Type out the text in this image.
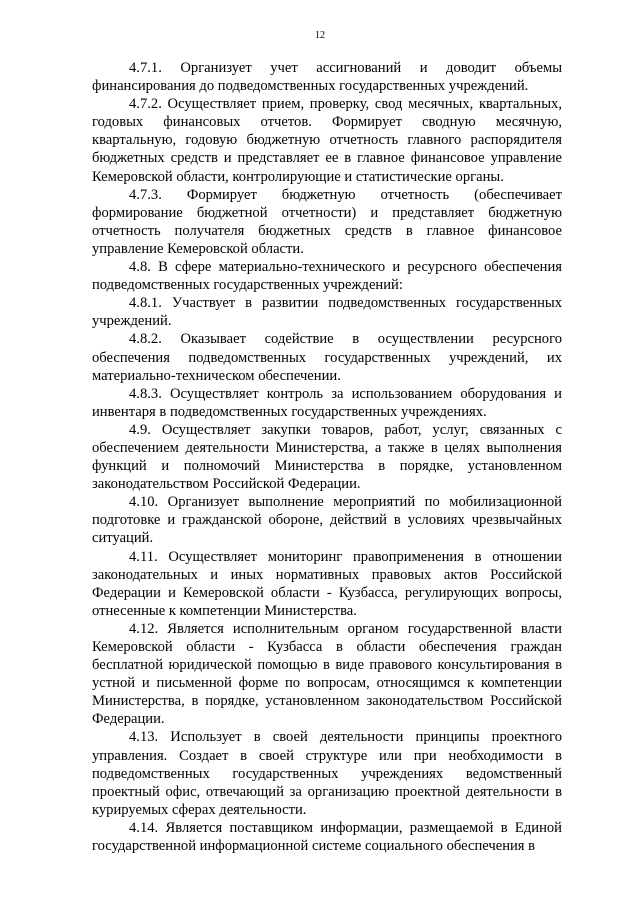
12

4.7.1. Организует учет ассигнований и доводит объемы финансирования до подведомственных государственных учреждений.

4.7.2. Осуществляет прием, проверку, свод месячных, квартальных, годовых финансовых отчетов. Формирует сводную месячную, квартальную, годовую бюджетную отчетность главного распорядителя бюджетных средств и представляет ее в главное финансовое управление Кемеровской области, контролирующие и статистические органы.

4.7.3. Формирует бюджетную отчетность (обеспечивает формирование бюджетной отчетности) и представляет бюджетную отчетность получателя бюджетных средств в главное финансовое управление Кемеровской области.

4.8. В сфере материально-технического и ресурсного обеспечения подведомственных государственных учреждений:

4.8.1. Участвует в развитии подведомственных государственных учреждений.

4.8.2. Оказывает содействие в осуществлении ресурсного обеспечения подведомственных государственных учреждений, их материально-техническом обеспечении.

4.8.3. Осуществляет контроль за использованием оборудования и инвентаря в подведомственных государственных учреждениях.

4.9. Осуществляет закупки товаров, работ, услуг, связанных с обеспечением деятельности Министерства, а также в целях выполнения функций и полномочий Министерства в порядке, установленном законодательством Российской Федерации.

4.10. Организует выполнение мероприятий по мобилизационной подготовке и гражданской обороне, действий в условиях чрезвычайных ситуаций.

4.11. Осуществляет мониторинг правоприменения в отношении законодательных и иных нормативных правовых актов Российской Федерации и Кемеровской области - Кузбасса, регулирующих вопросы, отнесенные к компетенции Министерства.

4.12. Является исполнительным органом государственной власти Кемеровской области - Кузбасса в области обеспечения граждан бесплатной юридической помощью в виде правового консультирования в устной и письменной форме по вопросам, относящимся к компетенции Министерства, в порядке, установленном законодательством Российской Федерации.

4.13. Использует в своей деятельности принципы проектного управления. Создает в своей структуре или при необходимости в подведомственных государственных учреждениях ведомственный проектный офис, отвечающий за организацию проектной деятельности в курируемых сферах деятельности.

4.14. Является поставщиком информации, размещаемой в Единой государственной информационной системе социального обеспечения в
